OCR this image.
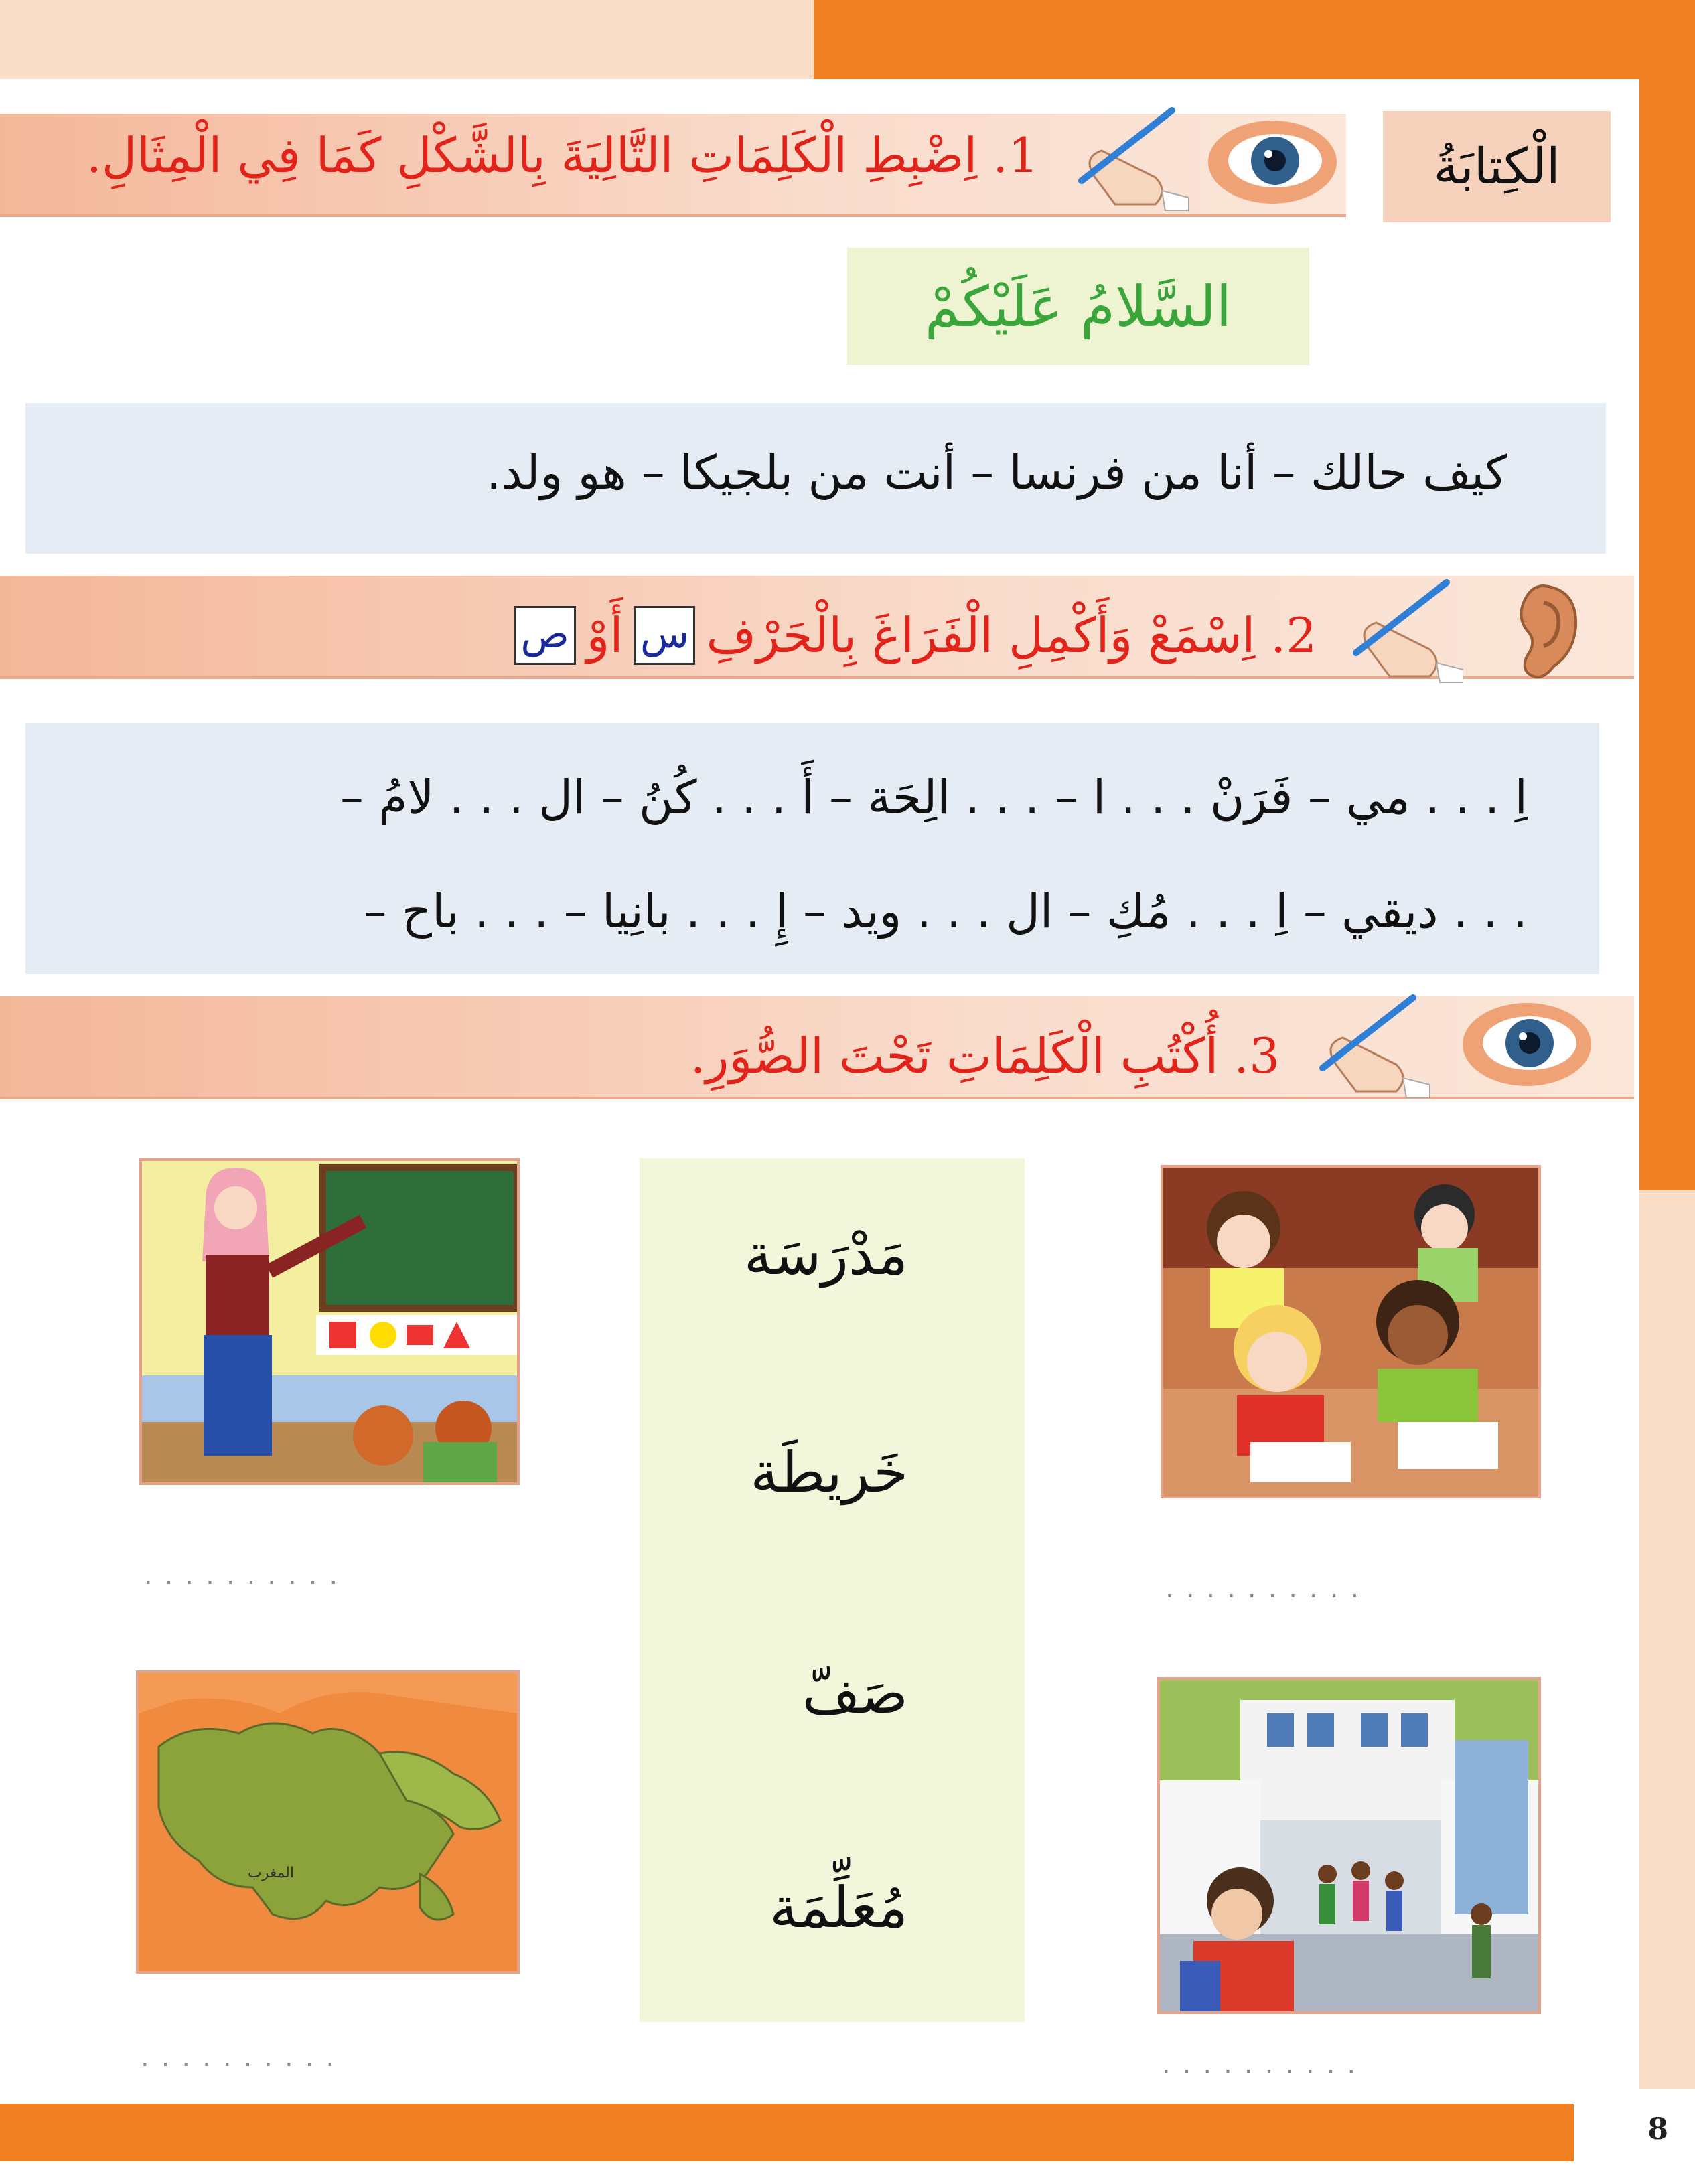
8
الْكِتابَةُ
1. اِضْبِطِ الْكَلِمَاتِ التَّالِيَةَ بِالشَّكْلِ كَمَا فِي الْمِثَالِ.
السَّلامُ عَلَيْكُمْ
كيف حالك – أنا من فرنسا – أنت من بلجيكا – هو ولد.
2. اِسْمَعْ وَأَكْمِلِ الْفَرَاغَ بِالْحَرْفِ
س
أَوْ
ص
اِ . . . مي – فَرَنْ . . . ا – . . . الِحَة – أَ . . . كُنُ – ال . . . لامُ –
. . . ديقي – اِ . . . مُكِ – ال . . . ويد – إِ . . . بانِيا – . . . باح –
3. أُكْتُبِ الْكَلِمَاتِ تَحْتَ الصُّوَرِ.
مَدْرَسَة
خَريطَة
صَفّ
مُعَلِّمَة
..........	..........
المغرب
..........	..........
